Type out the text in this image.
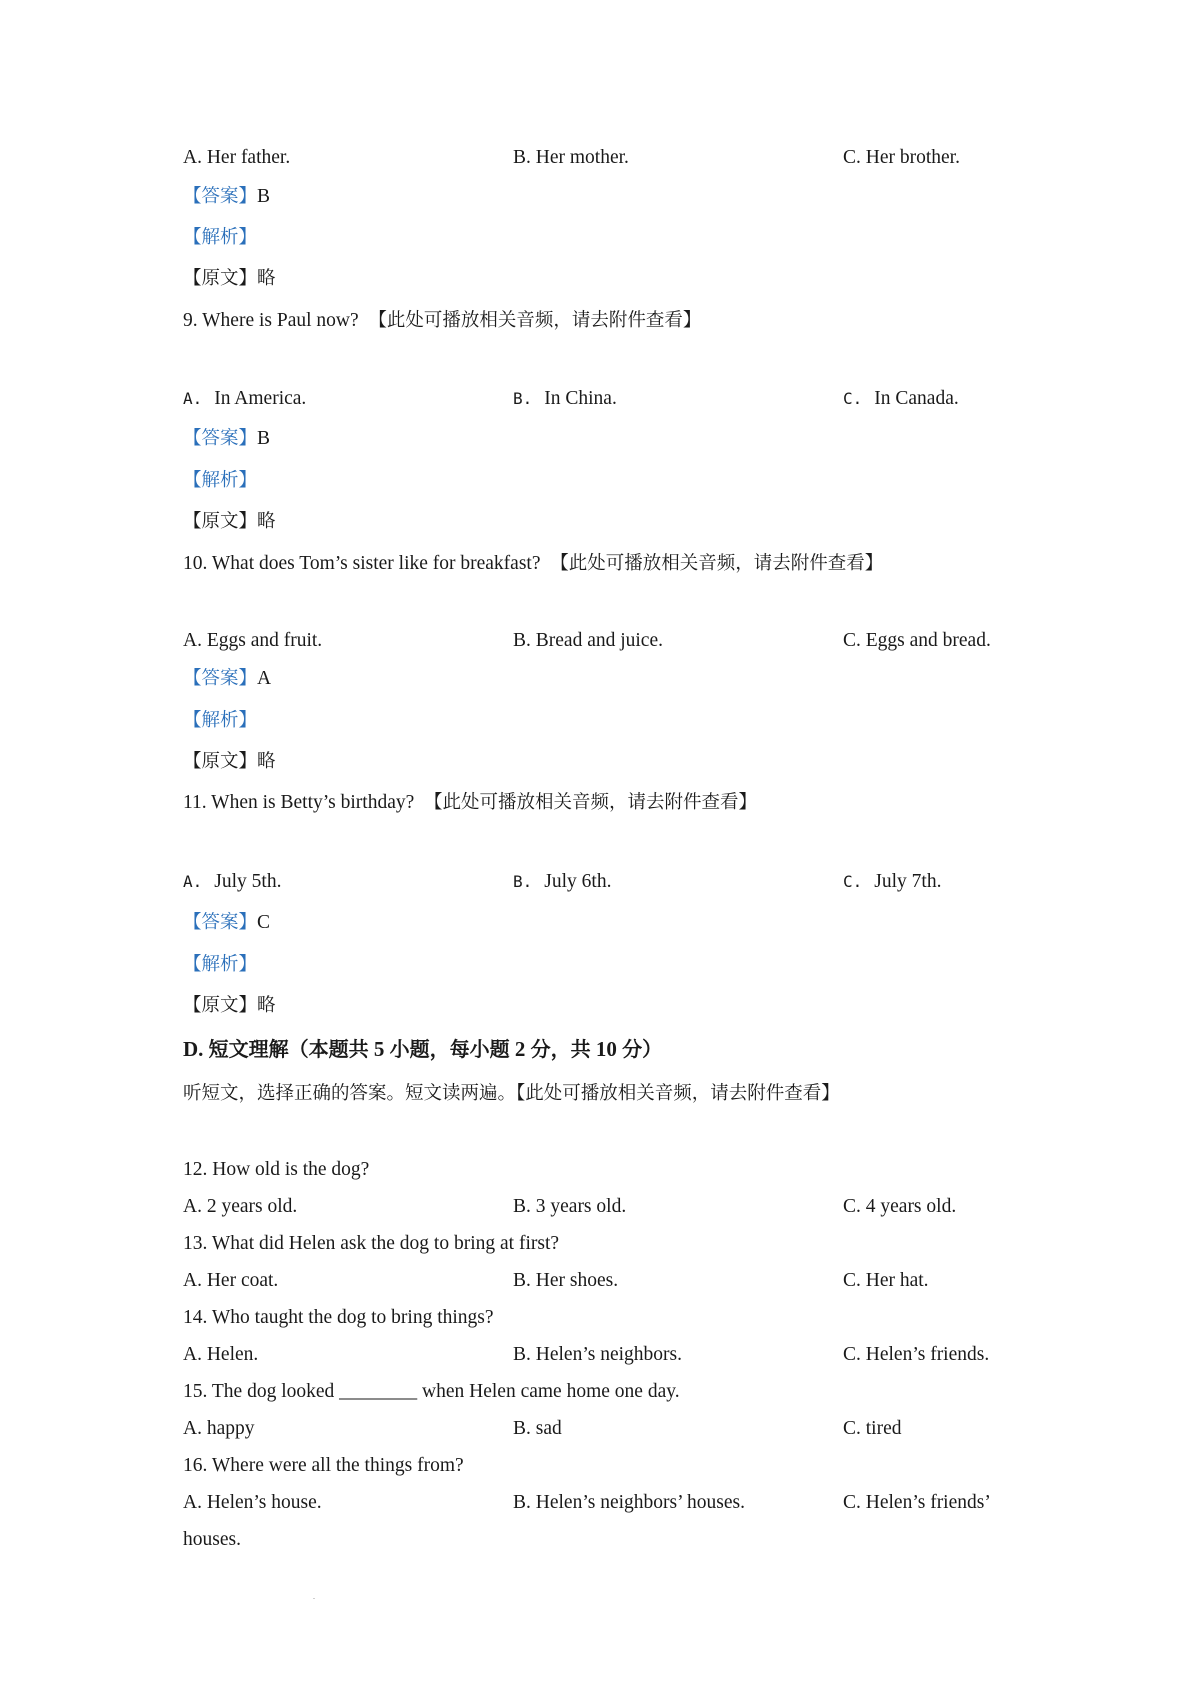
A. Her father.	B. Her mother.	C. Her brother.
【答案】B
【解析】
【原文】略
9. Where is Paul now? 【此处可播放相关音频，请去附件查看】
A. In America.	B. In China.	C. In Canada.
【答案】B
【解析】
【原文】略
10. What does Tom’s sister like for breakfast? 【此处可播放相关音频，请去附件查看】
A. Eggs and fruit.	B. Bread and juice.	C. Eggs and bread.
【答案】A
【解析】
【原文】略
11. When is Betty’s birthday? 【此处可播放相关音频，请去附件查看】
A. July 5th.	B. July 6th.	C. July 7th.
【答案】C
【解析】
【原文】略
D. 短文理解（本题共 5 小题，每小题 2 分，共 10 分）
听短文，选择正确的答案。短文读两遍。【此处可播放相关音频，请去附件查看】
12. How old is the dog?
A. 2 years old.	B. 3 years old.	C. 4 years old.
13. What did Helen ask the dog to bring at first?
A. Her coat.	B. Her shoes.	C. Her hat.
14. Who taught the dog to bring things?
A. Helen.	B. Helen’s neighbors.	C. Helen’s friends.
15. The dog looked ________ when Helen came home one day.
A. happy	B. sad	C. tired
16. Where were all the things from?
A. Helen’s house.	B. Helen’s neighbors’ houses.	C. Helen’s friends’
houses.
